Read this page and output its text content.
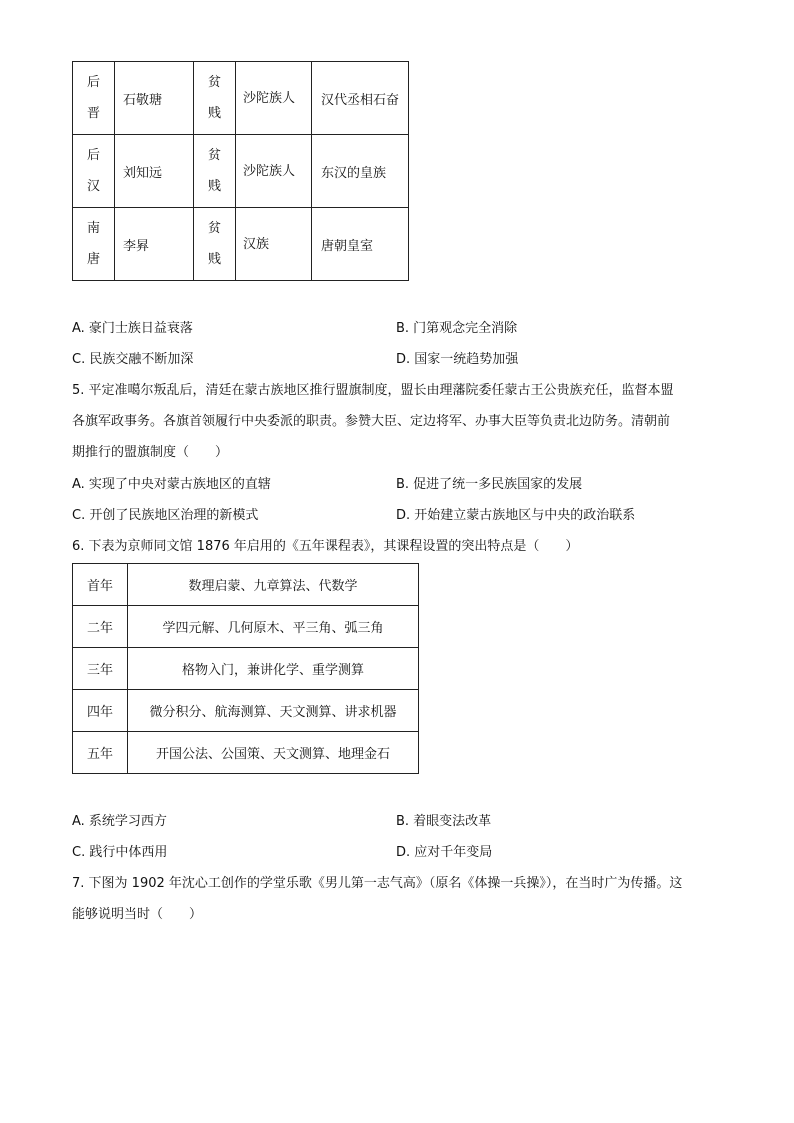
后晋	石敬瑭	贫贱	沙陀族人	汉代丞相石奋
后汉	刘知远	贫贱	沙陀族人	东汉的皇族
南唐	李昪	贫贱	汉族	唐朝皇室
A. 豪门士族日益衰落	B. 门第观念完全消除
C. 民族交融不断加深	D. 国家一统趋势加强
5. 平定准噶尔叛乱后，清廷在蒙古族地区推行盟旗制度，盟长由理藩院委任蒙古王公贵族充任，监督本盟
各旗军政事务。各旗首领履行中央委派的职责。参赞大臣、定边将军、办事大臣等负责北边防务。清朝前
期推行的盟旗制度（　　）
A. 实现了中央对蒙古族地区的直辖	B. 促进了统一多民族国家的发展
C. 开创了民族地区治理的新模式	D. 开始建立蒙古族地区与中央的政治联系
6. 下表为京师同文馆 1876 年启用的《五年课程表》，其课程设置的突出特点是（　　）
首年	数理启蒙、九章算法、代数学
二年	学四元解、几何原木、平三角、弧三角
三年	格物入门，兼讲化学、重学测算
四年	微分积分、航海测算、天文测算、讲求机器
五年	开国公法、公国策、天文测算、地理金石
A. 系统学习西方	B. 着眼变法改革
C. 践行中体西用	D. 应对千年变局
7. 下图为 1902 年沈心工创作的学堂乐歌《男儿第一志气高》（原名《体操一兵操》），在当时广为传播。这
能够说明当时（　　）
